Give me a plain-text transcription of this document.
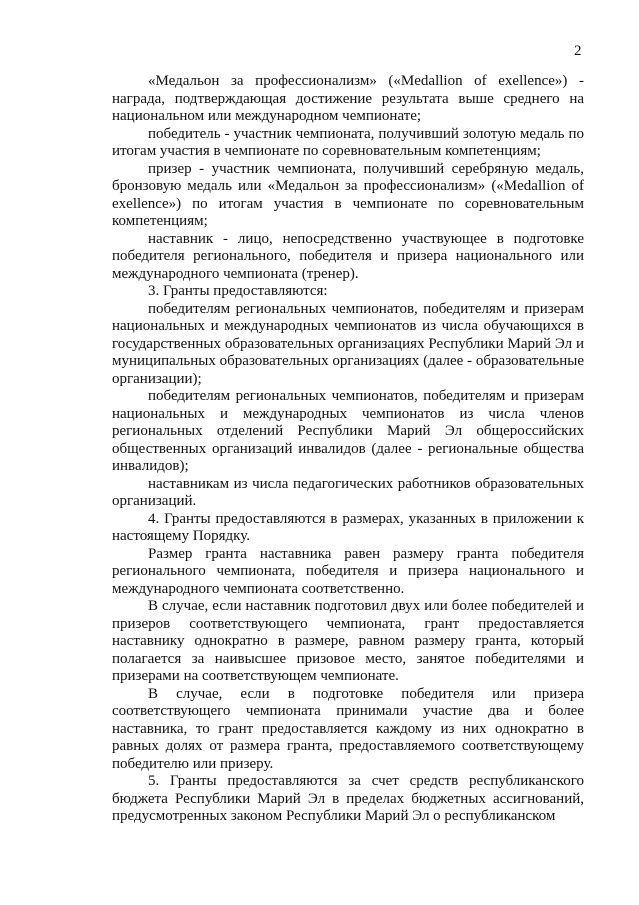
2

«Медальон за профессионализм» («Medallion of exellence») - награда, подтверждающая достижение результата выше среднего на национальном или международном чемпионате;

победитель - участник чемпионата, получивший золотую медаль по итогам участия в чемпионате по соревновательным компетенциям;

призер - участник чемпионата, получивший серебряную медаль, бронзовую медаль или «Медальон за профессионализм» («Medallion of exellence») по итогам участия в чемпионате по соревновательным компетенциям;

наставник - лицо, непосредственно участвующее в подготовке победителя регионального, победителя и призера национального или международного чемпионата (тренер).

3. Гранты предоставляются:

победителям региональных чемпионатов, победителям и призерам национальных и международных чемпионатов из числа обучающихся в государственных образовательных организациях Республики Марий Эл и муниципальных образовательных организациях (далее - образовательные организации);

победителям региональных чемпионатов, победителям и призерам национальных и международных чемпионатов из числа членов региональных отделений Республики Марий Эл общероссийских общественных организаций инвалидов (далее - региональные общества инвалидов);

наставникам из числа педагогических работников образовательных организаций.

4. Гранты предоставляются в размерах, указанных в приложении к настоящему Порядку.

Размер гранта наставника равен размеру гранта победителя регионального чемпионата, победителя и призера национального и международного чемпионата соответственно.

В случае, если наставник подготовил двух или более победителей и призеров соответствующего чемпионата, грант предоставляется наставнику однократно в размере, равном размеру гранта, который полагается за наивысшее призовое место, занятое победителями и призерами на соответствующем чемпионате.

В случае, если в подготовке победителя или призера соответствующего чемпионата принимали участие два и более наставника, то грант предоставляется каждому из них однократно в равных долях от размера гранта, предоставляемого соответствующему победителю или призеру.

5. Гранты предоставляются за счет средств республиканского бюджета Республики Марий Эл в пределах бюджетных ассигнований, предусмотренных законом Республики Марий Эл о республиканском
